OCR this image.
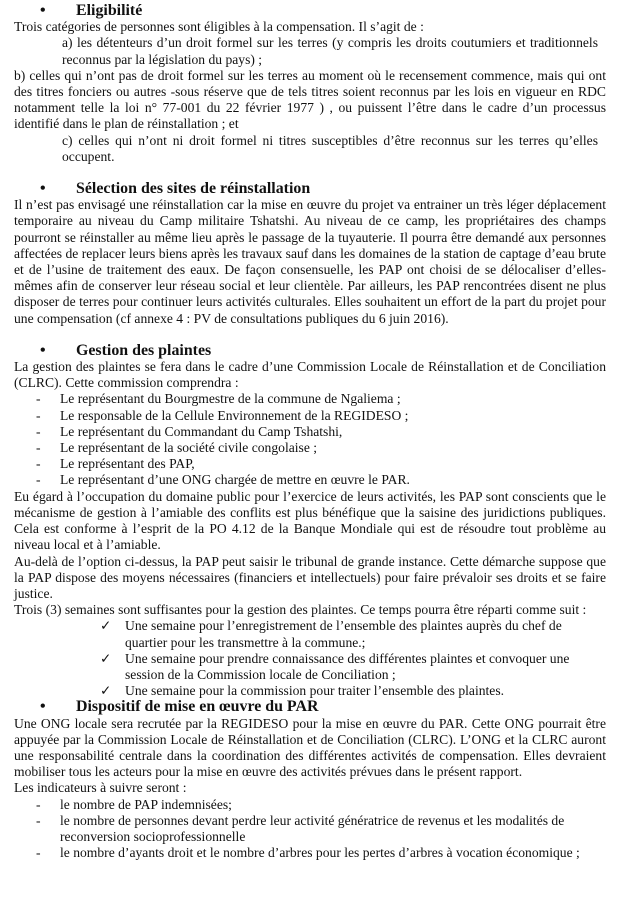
• Eligibilité

Trois catégories de personnes sont éligibles à la compensation. Il s’agit de :

a) les détenteurs d’un droit formel sur les terres (y compris les droits coutumiers et traditionnels reconnus par la législation du pays) ;

b) celles qui n’ont pas de droit formel sur les terres au moment où le recensement commence, mais qui ont des titres fonciers ou autres -sous réserve que de tels titres soient reconnus par les lois en vigueur en RDC notamment telle la loi n° 77-001 du 22 février 1977 ) , ou puissent l’être dans le cadre d’un processus identifié dans le plan de réinstallation ; et

c) celles qui n’ont ni droit formel ni titres susceptibles d’être reconnus sur les terres qu’elles occupent.

• Sélection des sites de réinstallation

Il n’est pas envisagé une réinstallation car la mise en œuvre du projet va entrainer un très léger déplacement temporaire au niveau du Camp militaire Tshatshi. Au niveau de ce camp, les propriétaires des champs pourront se réinstaller au même lieu après le passage de la tuyauterie. Il pourra être demandé aux personnes affectées de replacer leurs biens après les travaux sauf dans les domaines de la station de captage d’eau brute et de l’usine de traitement des eaux. De façon consensuelle, les PAP ont choisi de se délocaliser d’elles-mêmes afin de conserver leur réseau social et leur clientèle. Par ailleurs, les PAP rencontrées disent ne plus disposer de terres pour continuer leurs activités culturales. Elles souhaitent un effort de la part du projet pour une compensation (cf annexe 4 : PV de consultations publiques du 6 juin 2016).

• Gestion des plaintes

La gestion des plaintes se fera dans le cadre d’une Commission Locale de Réinstallation et de Conciliation (CLRC). Cette commission comprendra :

- Le représentant du Bourgmestre de la commune de Ngaliema ;
- Le responsable de la Cellule Environnement de la REGIDESO ;
- Le représentant du Commandant du Camp Tshatshi,
- Le représentant de la société civile congolaise ;
- Le représentant des PAP,
- Le représentant d’une ONG chargée de mettre en œuvre le PAR.

Eu égard à l’occupation du domaine public pour l’exercice de leurs activités, les PAP sont conscients que le mécanisme de gestion à l’amiable des conflits est plus bénéfique que la saisine des juridictions publiques. Cela est conforme à l’esprit de la PO 4.12 de la Banque Mondiale qui est de résoudre tout problème au niveau local et à l’amiable.

Au-delà de l’option ci-dessus, la PAP peut saisir le tribunal de grande instance. Cette démarche suppose que la PAP dispose des moyens nécessaires (financiers et intellectuels) pour faire prévaloir ses droits et se faire justice.

Trois (3) semaines sont suffisantes pour la gestion des plaintes. Ce temps pourra être réparti comme suit :

✓ Une semaine pour l’enregistrement de l’ensemble des plaintes auprès du chef de quartier pour les transmettre à la commune.;
✓ Une semaine pour prendre connaissance des différentes plaintes et convoquer une session de la Commission locale de Conciliation ;
✓ Une semaine pour la commission pour traiter l’ensemble des plaintes.
• Dispositif de mise en œuvre du PAR

Une ONG locale sera recrutée par la REGIDESO pour la mise en œuvre du PAR. Cette ONG pourrait être appuyée par la Commission Locale de Réinstallation et de Conciliation (CLRC). L’ONG et la CLRC auront une responsabilité centrale dans la coordination des différentes activités de compensation. Elles devraient mobiliser tous les acteurs pour la mise en œuvre des activités prévues dans le présent rapport.

Les indicateurs à suivre seront :

- le nombre de PAP indemnisées;
- le nombre de personnes devant perdre leur activité génératrice de revenus et les modalités de reconversion socioprofessionnelle
- le nombre d’ayants droit et le nombre d’arbres pour les pertes d’arbres à vocation économique ;
